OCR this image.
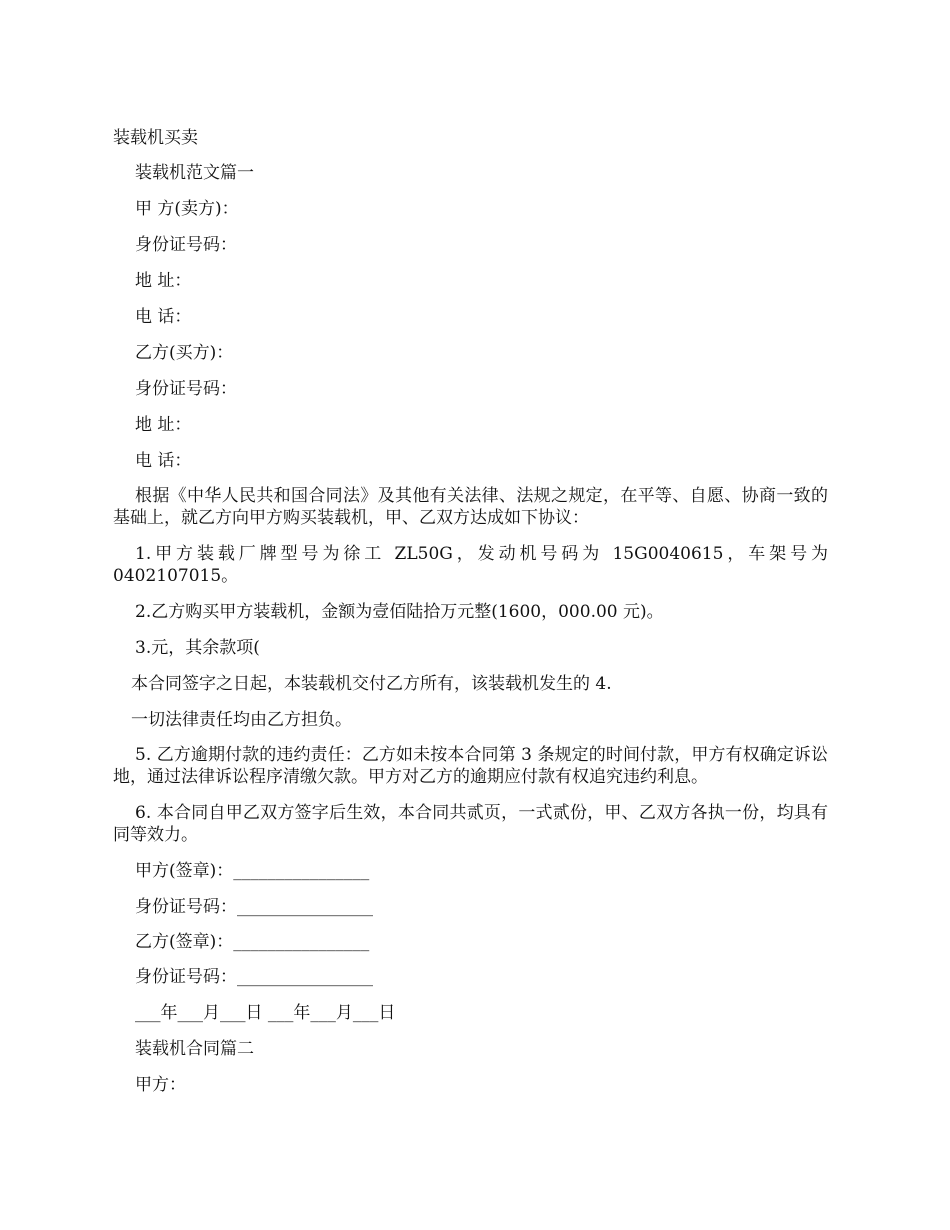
装载机买卖
装载机范文篇一
甲 方(卖方)：
身份证号码：
地 址：
电 话：
乙方(买方)：
身份证号码：
地 址：
电 话：
根据《中华人民共和国合同法》及其他有关法律、法规之规定，在平等、自愿、协商一致的基础上，就乙方向甲方购买装载机，甲、乙双方达成如下协议：
1.甲方装载厂牌型号为徐工 ZL50G，发动机号码为 15G0040615，车架号为0402107015。
2.乙方购买甲方装载机，金额为壹佰陆拾万元整(1600，000.00 元)。
3.元，其余款项(
本合同签字之日起，本装载机交付乙方所有，该装载机发生的 4.
一切法律责任均由乙方担负。
5. 乙方逾期付款的违约责任：乙方如未按本合同第 3 条规定的时间付款，甲方有权确定诉讼地，通过法律诉讼程序清缴欠款。甲方对乙方的逾期应付款有权追究违约利息。
6. 本合同自甲乙双方签字后生效，本合同共贰页，一式贰份，甲、乙双方各执一份，均具有同等效力。
甲方(签章)：________________
身份证号码：________________
乙方(签章)：________________
身份证号码：________________
___年___月___日 ___年___月___日
装载机合同篇二
甲方：
